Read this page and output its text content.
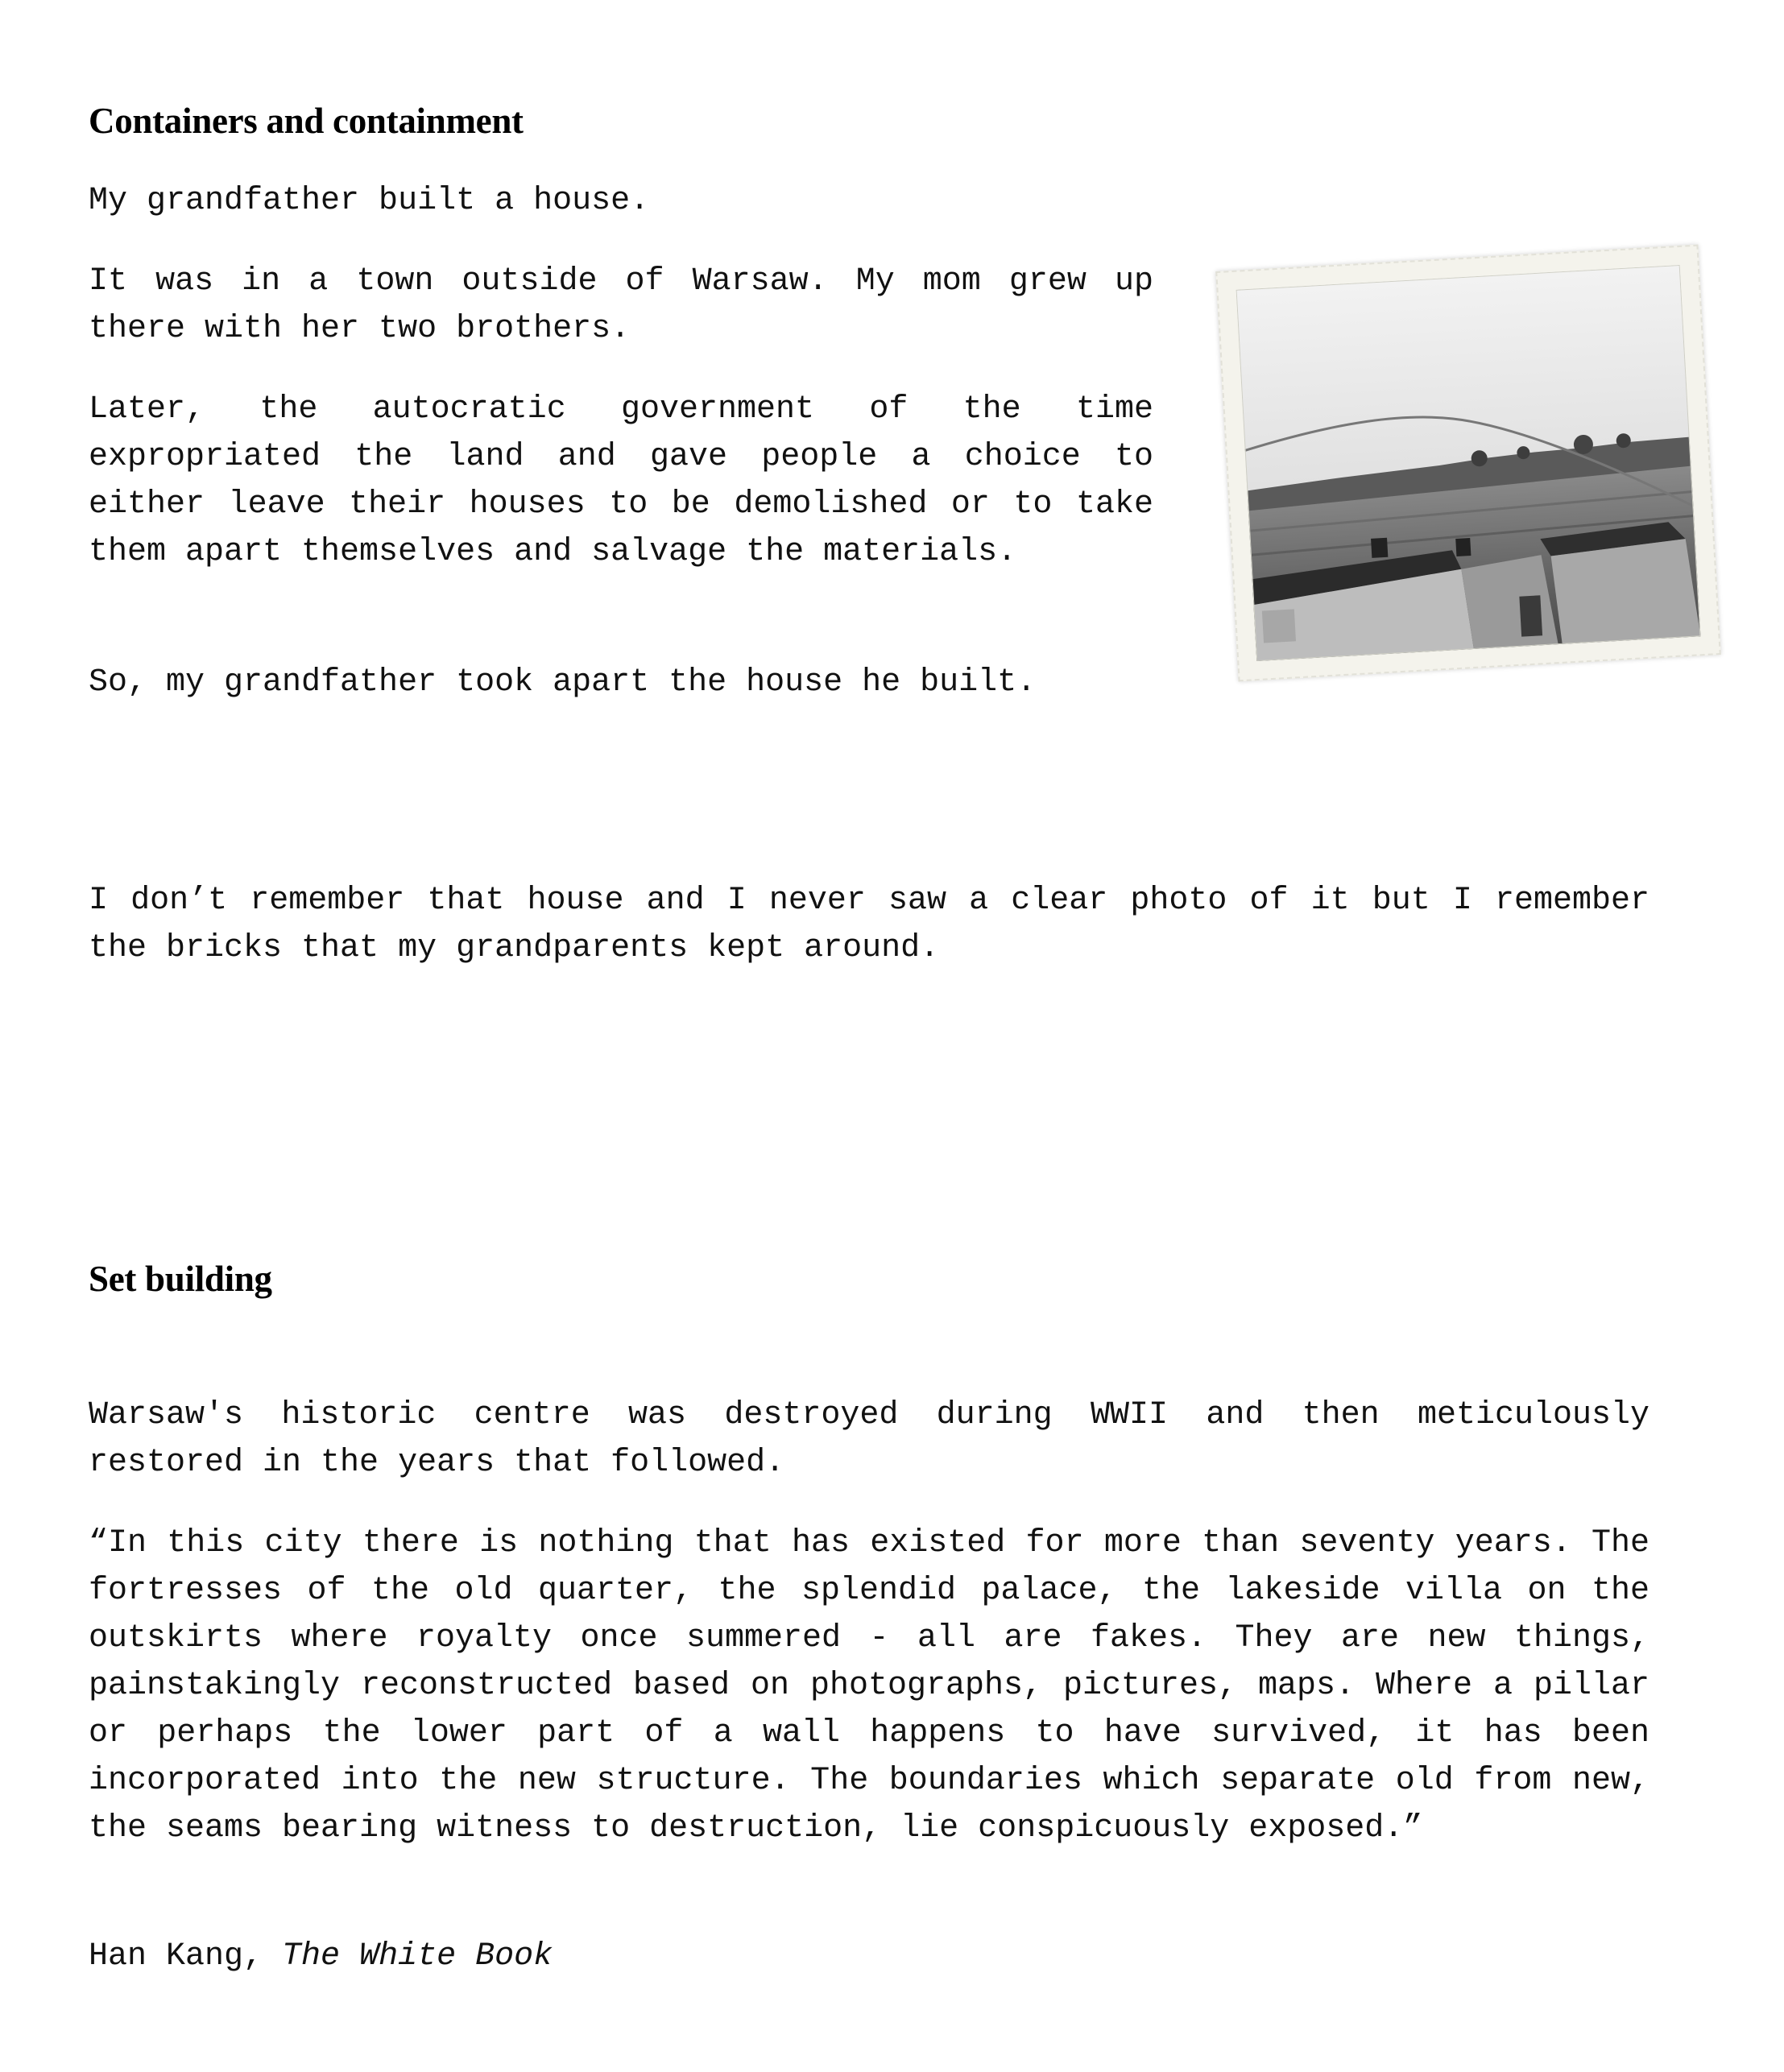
Containers and containment

My grandfather built a house.

It was in a town outside of Warsaw. My mom grew up there with her two brothers.

Later, the autocratic government of the time expropriated the land and gave people a choice to either leave their houses to be demolished or to take them apart themselves and salvage the materials.

So, my grandfather took apart the house he built.

I don’t remember that house and I never saw a clear photo of it but I remember the bricks that my grandparents kept around.

Set building

Warsaw's historic centre was destroyed during WWII and then meticulously restored in the years that followed.

“In this city there is nothing that has existed for more than seventy years. The fortresses of the old quarter, the splendid palace, the lakeside villa on the outskirts where royalty once summered - all are fakes. They are new things, painstakingly reconstructed based on photographs, pictures, maps. Where a pillar or perhaps the lower part of a wall happens to have survived, it has been incorporated into the new structure. The boundaries which separate old from new, the seams bearing witness to destruction, lie conspicuously exposed.”

Han Kang, The White Book
